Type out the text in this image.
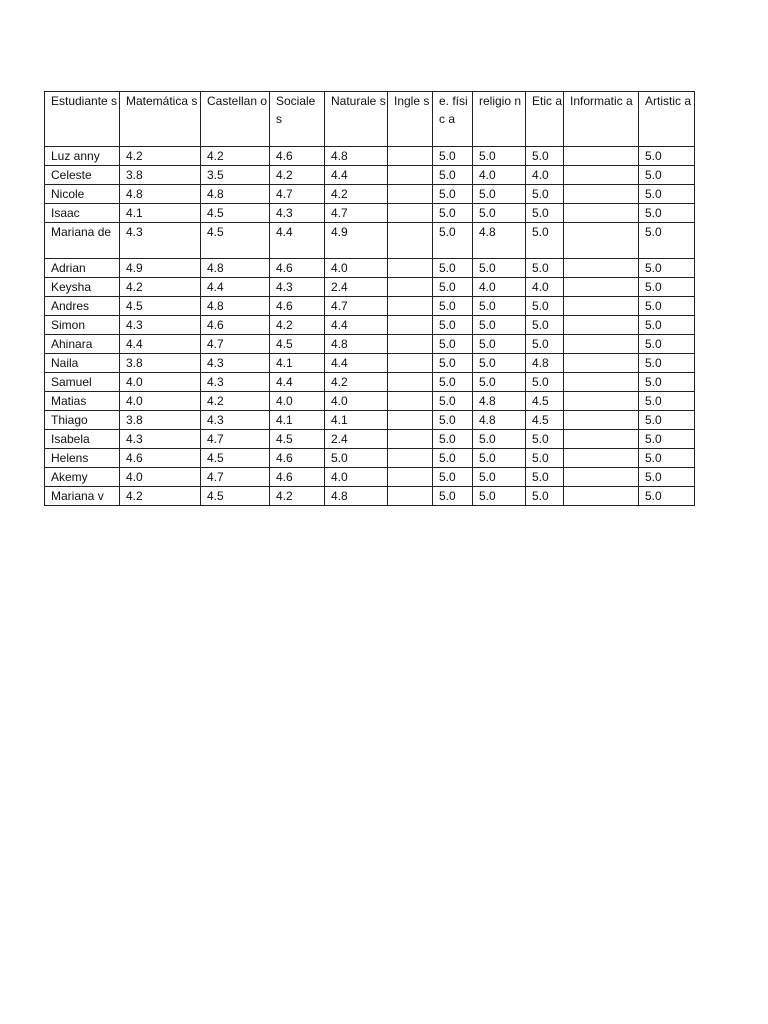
Estudiante s	Matemática s	Castellan o	Sociale s	Naturale s	Ingle s	e. físic a	religio n	Etic a	Informatic a	Artistic a
Luz anny	4.2	4.2	4.6	4.8		5.0	5.0	5.0		5.0
Celeste	3.8	3.5	4.2	4.4		5.0	4.0	4.0		5.0
Nicole	4.8	4.8	4.7	4.2		5.0	5.0	5.0		5.0
Isaac	4.1	4.5	4.3	4.7		5.0	5.0	5.0		5.0
Mariana de	4.3	4.5	4.4	4.9		5.0	4.8	5.0		5.0
Adrian	4.9	4.8	4.6	4.0		5.0	5.0	5.0		5.0
Keysha	4.2	4.4	4.3	2.4		5.0	4.0	4.0		5.0
Andres	4.5	4.8	4.6	4.7		5.0	5.0	5.0		5.0
Simon	4.3	4.6	4.2	4.4		5.0	5.0	5.0		5.0
Ahinara	4.4	4.7	4.5	4.8		5.0	5.0	5.0		5.0
Naila	3.8	4.3	4.1	4.4		5.0	5.0	4.8		5.0
Samuel	4.0	4.3	4.4	4.2		5.0	5.0	5.0		5.0
Matias	4.0	4.2	4.0	4.0		5.0	4.8	4.5		5.0
Thiago	3.8	4.3	4.1	4.1		5.0	4.8	4.5		5.0
Isabela	4.3	4.7	4.5	2.4		5.0	5.0	5.0		5.0
Helens	4.6	4.5	4.6	5.0		5.0	5.0	5.0		5.0
Akemy	4.0	4.7	4.6	4.0		5.0	5.0	5.0		5.0
Mariana v	4.2	4.5	4.2	4.8		5.0	5.0	5.0		5.0
